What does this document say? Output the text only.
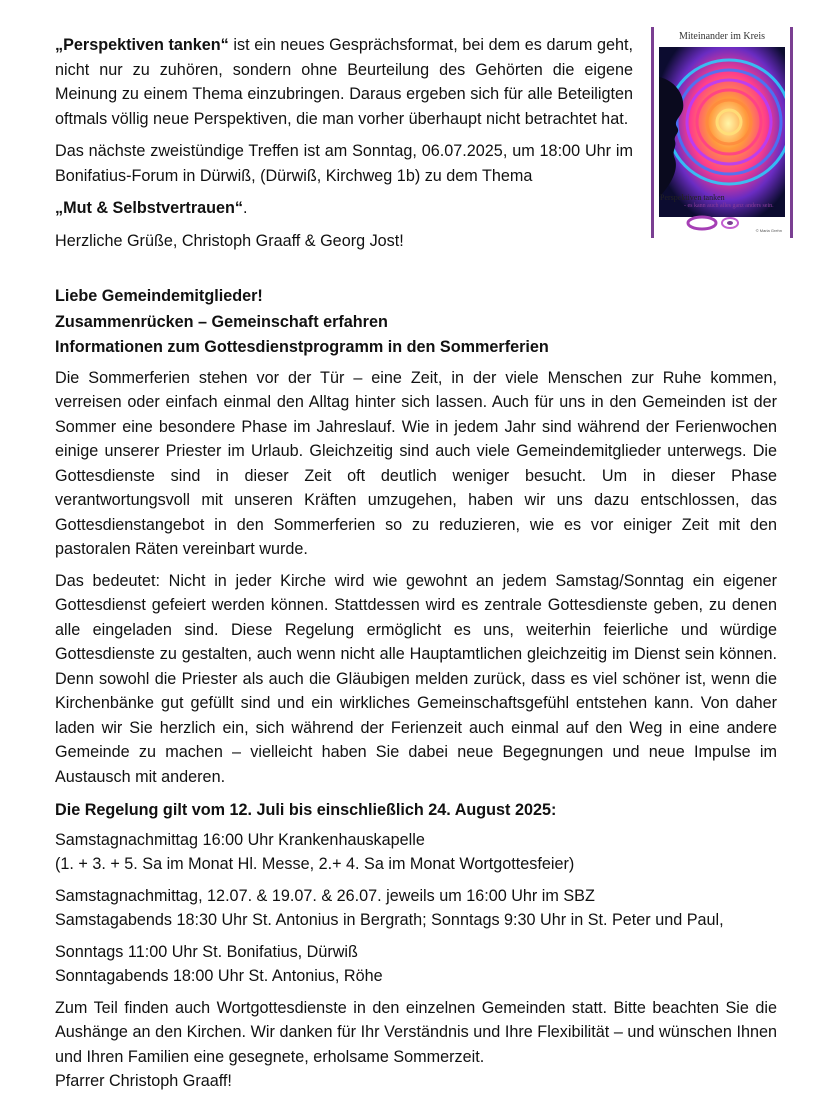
„Perspektiven tanken“ ist ein neues Gesprächsformat, bei dem es darum geht, nicht nur zu zuhören, sondern ohne Beurteilung des Gehörten die eigene Meinung zu einem Thema einzubringen. Daraus ergeben sich für alle Beteiligten oftmals völlig neue Perspektiven, die man vorher überhaupt nicht betrachtet hat.

Das nächste zweistündige Treffen ist am Sonntag, 06.07.2025, um 18:00 Uhr im Bonifatius-Forum in Dürwiß, (Dürwiß, Kirchweg 1b) zu dem Thema

„Mut & Selbstvertrauen“.

Herzliche Grüße, Christoph Graaff & Georg Jost!

Miteinander im Kreis
Perspektiven tanken
- es kann auch alles ganz anders sein.
© Maria Grehn

Liebe Gemeindemitglieder!

Zusammenrücken – Gemeinschaft erfahren

Informationen zum Gottesdienstprogramm in den Sommerferien

Die Sommerferien stehen vor der Tür – eine Zeit, in der viele Menschen zur Ruhe kommen, verreisen oder einfach einmal den Alltag hinter sich lassen. Auch für uns in den Gemeinden ist der Sommer eine besondere Phase im Jahreslauf. Wie in jedem Jahr sind während der Ferienwochen einige unserer Priester im Urlaub. Gleichzeitig sind auch viele Gemeindemitglieder unterwegs. Die Gottesdienste sind in dieser Zeit oft deutlich weniger besucht. Um in dieser Phase verantwortungsvoll mit unseren Kräften umzugehen, haben wir uns dazu entschlossen, das Gottesdienstangebot in den Sommerferien so zu reduzieren, wie es vor einiger Zeit mit den pastoralen Räten vereinbart wurde.

Das bedeutet: Nicht in jeder Kirche wird wie gewohnt an jedem Samstag/Sonntag ein eigener Gottesdienst gefeiert werden können. Stattdessen wird es zentrale Gottesdienste geben, zu denen alle eingeladen sind. Diese Regelung ermöglicht es uns, weiterhin feierliche und würdige Gottesdienste zu gestalten, auch wenn nicht alle Hauptamtlichen gleichzeitig im Dienst sein können. Denn sowohl die Priester als auch die Gläubigen melden zurück, dass es viel schöner ist, wenn die Kirchenbänke gut gefüllt sind und ein wirkliches Gemeinschaftsgefühl entstehen kann. Von daher laden wir Sie herzlich ein, sich während der Ferienzeit auch einmal auf den Weg in eine andere Gemeinde zu machen – vielleicht haben Sie dabei neue Begegnungen und neue Impulse im Austausch mit anderen.

Die Regelung gilt vom 12. Juli bis einschließlich 24. August 2025:

Samstagnachmittag 16:00 Uhr Krankenhauskapelle

(1. + 3. + 5. Sa im Monat Hl. Messe, 2.+ 4. Sa im Monat Wortgottesfeier)

Samstagnachmittag, 12.07. & 19.07. & 26.07. jeweils um 16:00 Uhr im SBZ

Samstagabends 18:30 Uhr St. Antonius in Bergrath; Sonntags 9:30 Uhr in St. Peter und Paul,

Sonntags 11:00 Uhr St. Bonifatius, Dürwiß

Sonntagabends 18:00 Uhr St. Antonius, Röhe

Zum Teil finden auch Wortgottesdienste in den einzelnen Gemeinden statt. Bitte beachten Sie die Aushänge an den Kirchen. Wir danken für Ihr Verständnis und Ihre Flexibilität – und wünschen Ihnen und Ihren Familien eine gesegnete, erholsame Sommerzeit.

Pfarrer Christoph Graaff!
